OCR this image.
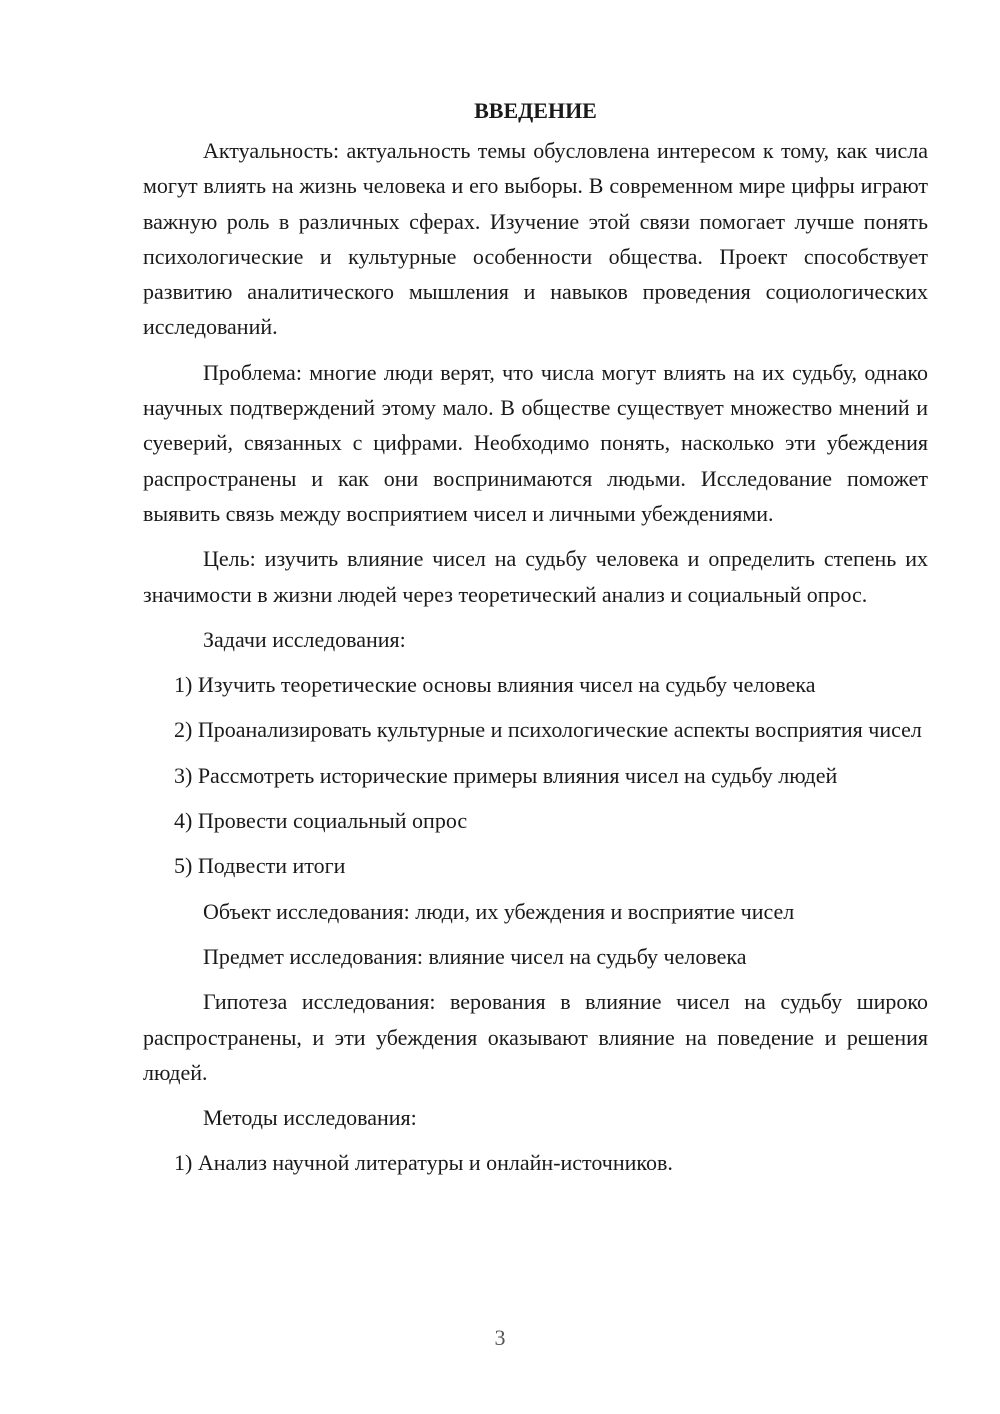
ВВЕДЕНИЕ

Актуальность: актуальность темы обусловлена интересом к тому, как числа могут влиять на жизнь человека и его выборы. В современном мире цифры играют важную роль в различных сферах. Изучение этой связи помогает лучше понять психологические и культурные особенности общества. Проект способствует развитию аналитического мышления и навыков проведения социологических исследований.

Проблема: многие люди верят, что числа могут влиять на их судьбу, однако научных подтверждений этому мало. В обществе существует множество мнений и суеверий, связанных с цифрами. Необходимо понять, насколько эти убеждения распространены и как они воспринимаются людьми. Исследование поможет выявить связь между восприятием чисел и личными убеждениями.

Цель: изучить влияние чисел на судьбу человека и определить степень их значимости в жизни людей через теоретический анализ и социальный опрос.

Задачи исследования:

1) Изучить теоретические основы влияния чисел на судьбу человека

2) Проанализировать культурные и психологические аспекты восприятия чисел

3) Рассмотреть исторические примеры влияния чисел на судьбу людей

4) Провести социальный опрос

5) Подвести итоги

Объект исследования: люди, их убеждения и восприятие чисел

Предмет исследования: влияние чисел на судьбу человека

Гипотеза исследования: верования в влияние чисел на судьбу широко распространены, и эти убеждения оказывают влияние на поведение и решения людей.

Методы исследования:

1) Анализ научной литературы и онлайн-источников.

3
